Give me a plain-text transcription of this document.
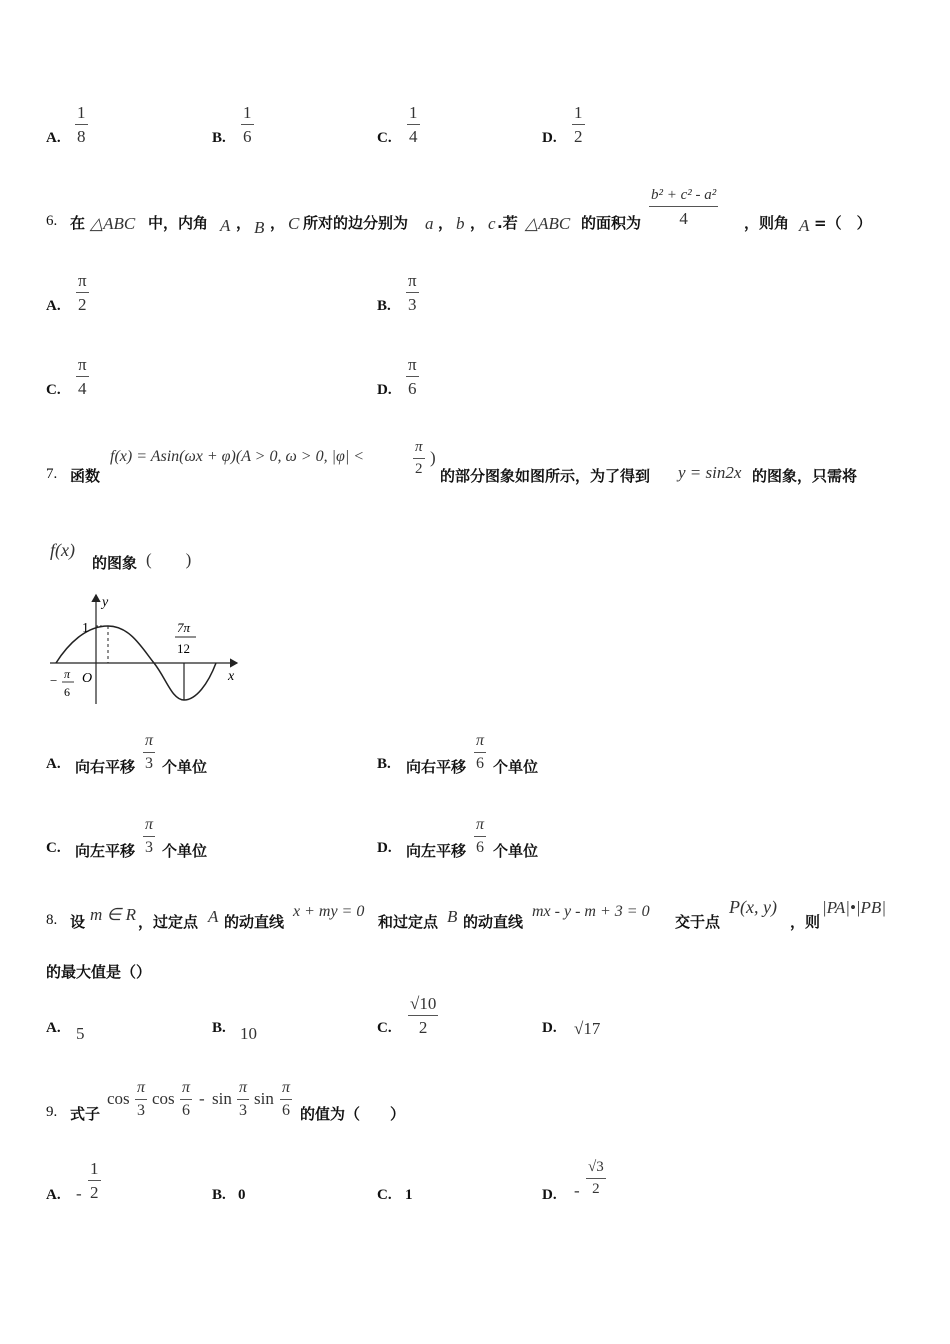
A.
1
8	B.
1
6	C.
1
4	D.
1
2
6. 在 △ABC 中，内角 A ， B ， C 所对的边分别为 a ， b ， c .若 △ABC 的面积为
b² + c² - a²
4	，则角 A =（　）
A.
π
2	B.
π
3
C.
π
4	D.
π
6
7. 函数
f(x) = Asin(ωx + φ)(A > 0, ω > 0, |φ| <
π
2
)
的部分图象如图所示，为了得到 y = sin2x 的图象，只需将
f(x)
的图象 (　　)
y
x
O
1
− π
6
7π
12
A. 向右平移
π
3 个单位	B. 向右平移
π
6 个单位
C. 向左平移
π
3 个单位	D. 向左平移
π
6 个单位
8. 设 m ∈ R ，过定点 A 的动直线
x + my = 0
和过定点 B 的动直线
mx - y - m + 3 = 0
交于点
P(x, y)
，则
|PA|•|PB|
的最大值是（）
A. 5	B. 10	C.
√10
2	D. √17
9. 式子
cos
π
3
cos
π
6
- sin
π
3
sin
π
6 的值为（　　）
A. -
1
2	B. 0	C. 1	D. -
√3
2
